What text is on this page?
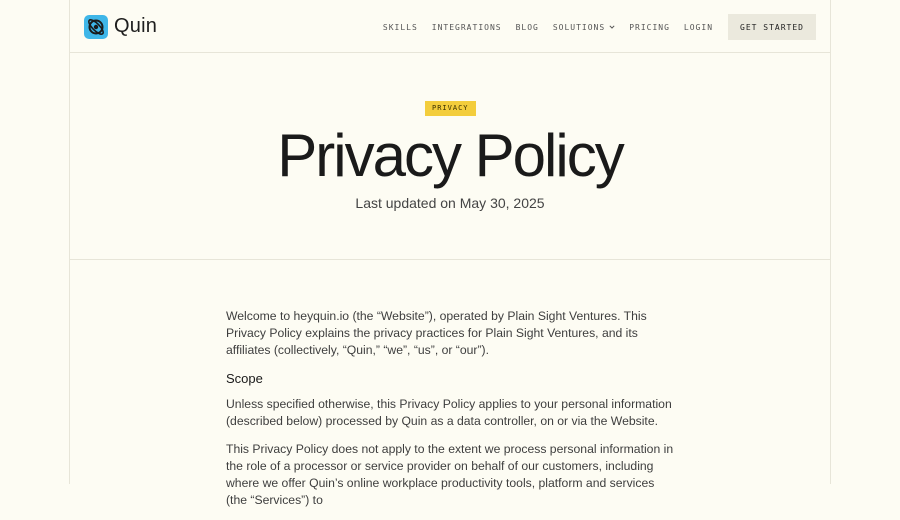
Quin	SKILLS INTEGRATIONS BLOG SOLUTIONS	PRICING LOGIN	GET STARTED
PRIVACY
Privacy Policy
Last updated on May 30, 2025

Welcome to heyquin.io (the “Website”), operated by Plain Sight Ventures. This Privacy Policy explains the privacy practices for Plain Sight Ventures, and its affiliates (collectively, “Quin,” “we”, “us”, or “our”).

Scope

Unless specified otherwise, this Privacy Policy applies to your personal information (described below) processed by Quin as a data controller, on or via the Website.

This Privacy Policy does not apply to the extent we process personal information in the role of a processor or service provider on behalf of our customers, including where we offer Quin’s online workplace productivity tools, platform and services (the “Services”) to
